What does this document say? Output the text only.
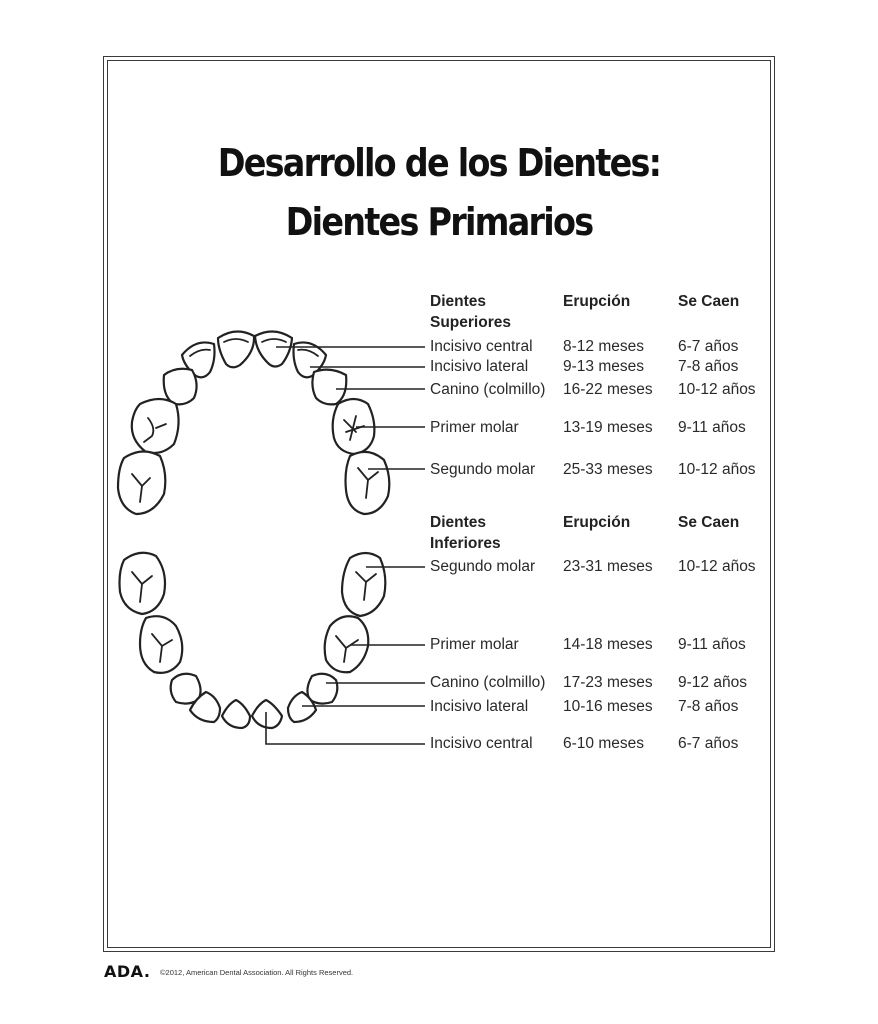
Desarrollo de los Dientes:
Dientes Primarios
Dientes Superiores
Erupción	Se Caen
Incisivo central 8-12 meses 6-7 años
Incisivo lateral 9-13 meses 7-8 años
Canino (colmillo) 16-22 meses 10-12 años
Primer molar	13-19 meses 9-11 años
Segundo molar 25-33 meses 10-12 años
Dientes Inferiores
Erupción	Se Caen
Segundo molar 23-31 meses 10-12 años
Primer molar	14-18 meses 9-11 años
Canino (colmillo) 17-23 meses 9-12 años
Incisivo lateral 10-16 meses 7-8 años
Incisivo central 6-10 meses 6-7 años
ADA. ©2012, American Dental Association. All Rights Reserved.
